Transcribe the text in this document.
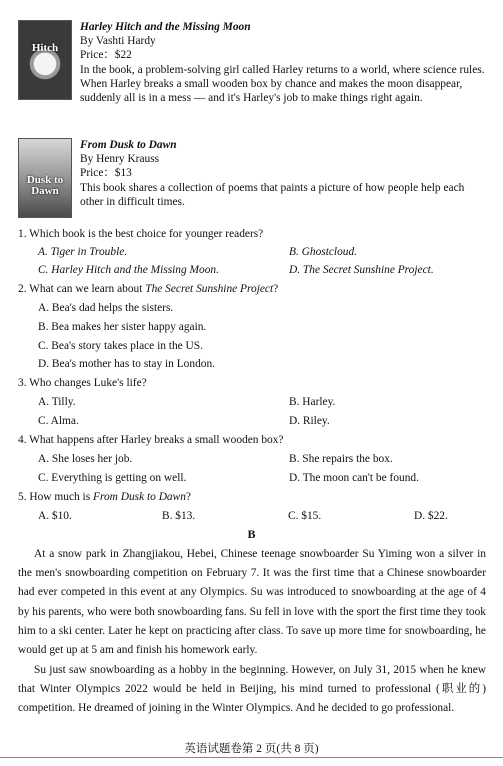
Hitch

Harley Hitch and the Missing Moon

By Vashti Hardy

Price：$22

In the book, a problem-solving girl called Harley returns to a world, where science rules. When Harley breaks a small wooden box by chance and makes the moon disappear, suddenly all is in a mess — and it's Harley's job to make things right again.

Dusk to Dawn

From Dusk to Dawn

By Henry Krauss

Price：$13

This book shares a collection of poems that paints a picture of how people help each other in difficult times.

1. Which book is the best choice for younger readers?
A. Tiger in Trouble.	B. Ghostcloud.
C. Harley Hitch and the Missing Moon.	D. The Secret Sunshine Project.
2. What can we learn about The Secret Sunshine Project?
A. Bea's dad helps the sisters.
B. Bea makes her sister happy again.
C. Bea's story takes place in the US.
D. Bea's mother has to stay in London.
3. Who changes Luke's life?
A. Tilly.	B. Harley.
C. Alma.	D. Riley.
4. What happens after Harley breaks a small wooden box?
A. She loses her job.	B. She repairs the box.
C. Everything is getting on well.	D. The moon can't be found.
5. How much is From Dusk to Dawn?
A. $10.	B. $13.	C. $15.	D. $22.
B

At a snow park in Zhangjiakou, Hebei, Chinese teenage snowboarder Su Yiming won a silver in the men's snowboarding competition on February 7. It was the first time that a Chinese snowboarder had ever competed in this event at any Olympics. Su was introduced to snowboarding at the age of 4 by his parents, who were both snowboarding fans. Su fell in love with the sport the first time they took him to a ski center. Later he kept on practicing after class. To save up more time for snowboarding, he would get up at 5 am and finish his homework early.

Su just saw snowboarding as a hobby in the beginning. However, on July 31, 2015 when he knew that Winter Olympics 2022 would be held in Beijing, his mind turned to professional (职业的) competition. He dreamed of joining in the Winter Olympics. And he decided to go professional.

英语试题卷第 2 页(共 8 页)
